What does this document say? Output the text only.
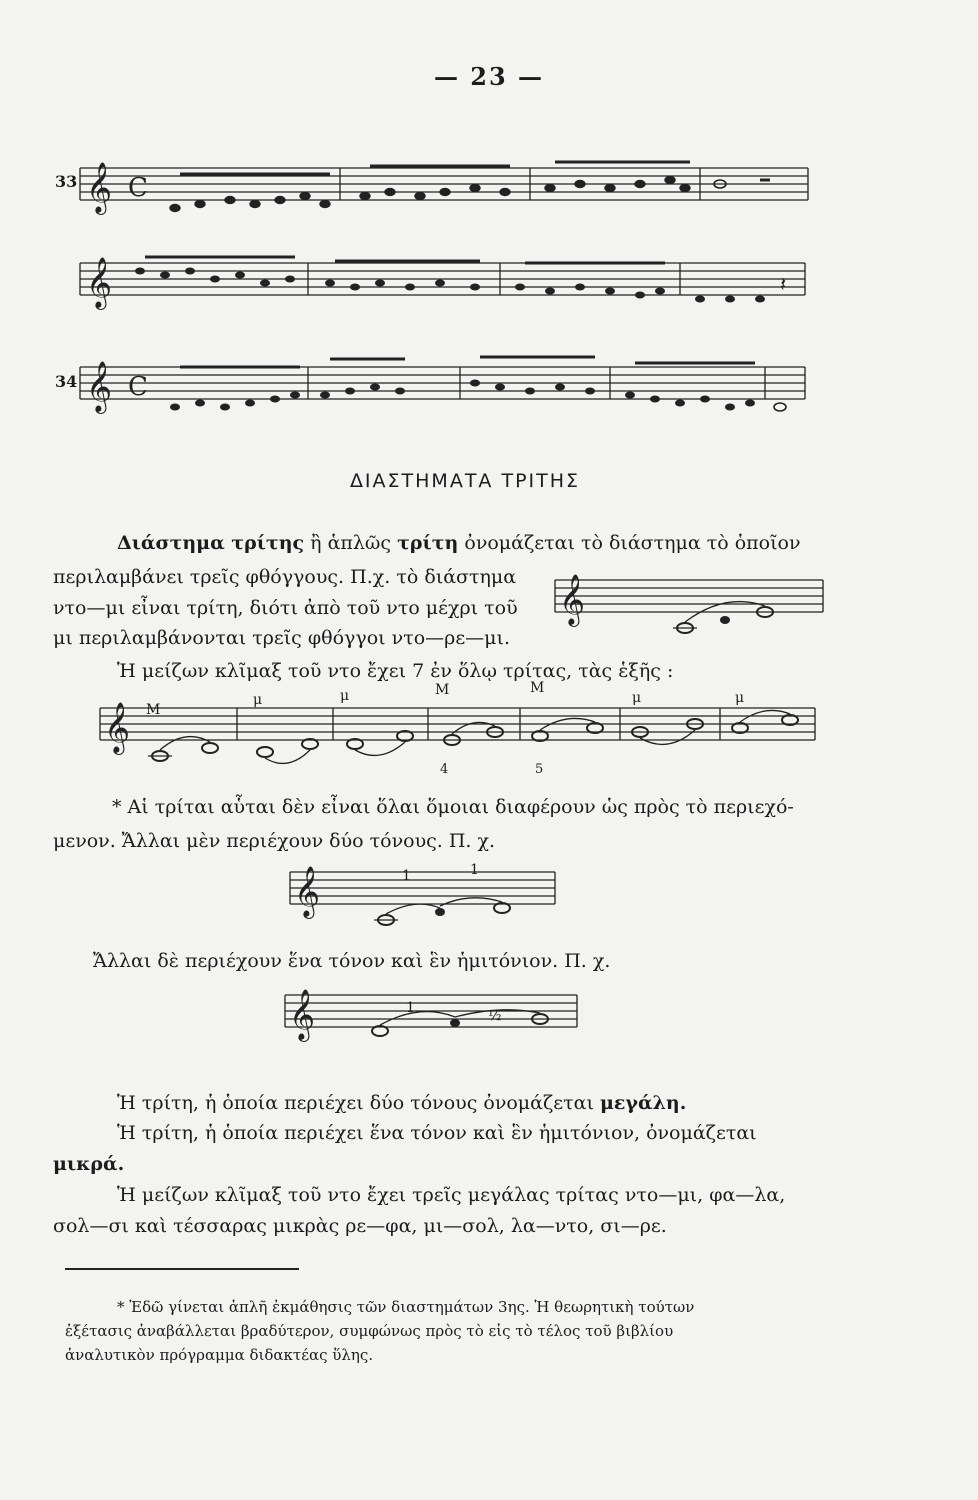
— 23 —
33 𝄞 C
𝄞	𝄽
34 𝄞 C
ΔΙΑΣΤΗΜΑΤΑ ΤΡΙΤΗΣ
Διάστημα τρίτης ἢ ἁπλῶς τρίτη ὀνομάζεται τὸ διάστημα τὸ ὁποῖον
περιλαμβάνει τρεῖς φθόγγους. Π.χ. τὸ διάστημα
ντο—μι εἶναι τρίτη, διότι ἀπὸ τοῦ ντο μέχρι τοῦ
μι περιλαμβάνονται τρεῖς φθόγγοι ντο—ρε—μι.
Ἡ μείζων κλῖμαξ τοῦ ντο ἔχει 7 ἐν ὅλῳ τρίτας, τὰς ἑξῆς :
𝄞
𝄞 Μ
μ	μ	Μ	Μ
μ	μ
4	5
* Αἱ τρίται αὗται δὲν εἶναι ὅλαι ὅμοιαι διαφέρουν ὡς πρὸς τὸ περιεχό-
μενον. Ἄλλαι μὲν περιέχουν δύο τόνους. Π. χ.
𝄞	1	1
Ἄλλαι δὲ περιέχουν ἕνα τόνον καὶ ἓν ἡμιτόνιον. Π. χ.
𝄞	1	½
Ἡ τρίτη, ἡ ὁποία περιέχει δύο τόνους ὀνομάζεται μεγάλη.
Ἡ τρίτη, ἡ ὁποία περιέχει ἕνα τόνον καὶ ἓν ἡμιτόνιον, ὀνομάζεται
μικρά.
Ἡ μείζων κλῖμαξ τοῦ ντο ἔχει τρεῖς μεγάλας τρίτας ντο—μι, φα—λα,
σολ—σι καὶ τέσσαρας μικρὰς ρε—φα, μι—σολ, λα—ντο, σι—ρε.
* Ἐδῶ γίνεται ἁπλῆ ἐκμάθησις τῶν διαστημάτων 3ης. Ἡ θεωρητικὴ τούτων
ἐξέτασις ἀναβάλλεται βραδύτερον, συμφώνως πρὸς τὸ εἰς τὸ τέλος τοῦ βιβλίου
ἀναλυτικὸν πρόγραμμα διδακτέας ὕλης.
